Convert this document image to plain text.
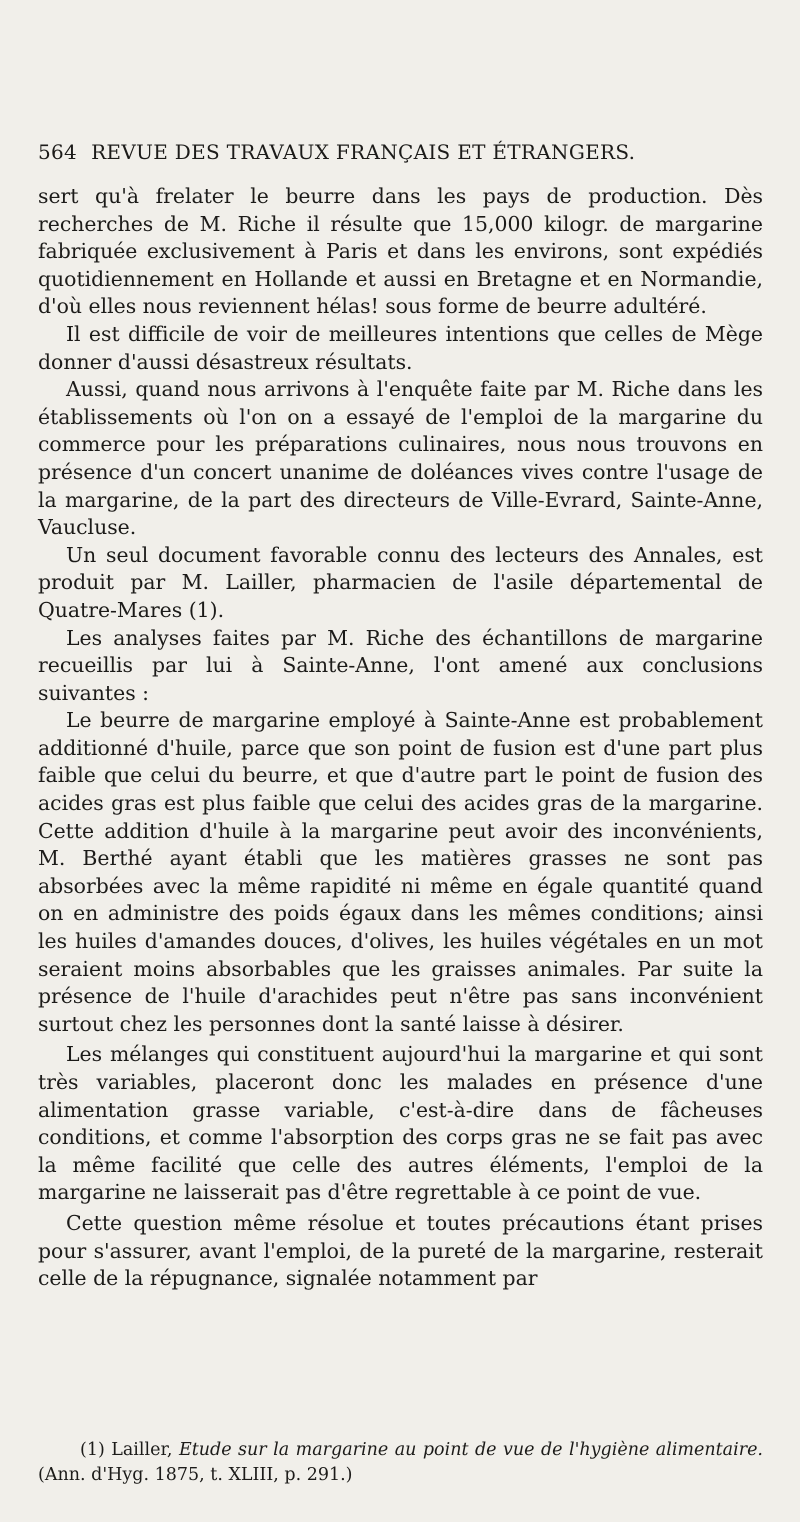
564 REVUE DES TRAVAUX FRANÇAIS ET ÉTRANGERS.

sert qu'à frelater le beurre dans les pays de production. Dès recherches de M. Riche il résulte que 15,000 kilogr. de margarine fabriquée exclusivement à Paris et dans les environs, sont expédiés quotidiennement en Hollande et aussi en Bretagne et en Normandie, d'où elles nous reviennent hélas! sous forme de beurre adultéré.

Il est difficile de voir de meilleures intentions que celles de Mège donner d'aussi désastreux résultats.

Aussi, quand nous arrivons à l'enquête faite par M. Riche dans les établissements où l'on on a essayé de l'emploi de la margarine du commerce pour les préparations culinaires, nous nous trouvons en présence d'un concert unanime de doléances vives contre l'usage de la margarine, de la part des directeurs de Ville-Evrard, Sainte-Anne, Vaucluse.

Un seul document favorable connu des lecteurs des Annales, est produit par M. Lailler, pharmacien de l'asile départemental de Quatre-Mares (1).

Les analyses faites par M. Riche des échantillons de margarine recueillis par lui à Sainte-Anne, l'ont amené aux conclusions suivantes :

Le beurre de margarine employé à Sainte-Anne est probablement additionné d'huile, parce que son point de fusion est d'une part plus faible que celui du beurre, et que d'autre part le point de fusion des acides gras est plus faible que celui des acides gras de la margarine. Cette addition d'huile à la margarine peut avoir des inconvénients, M. Berthé ayant établi que les matières grasses ne sont pas absorbées avec la même rapidité ni même en égale quantité quand on en administre des poids égaux dans les mêmes conditions; ainsi les huiles d'amandes douces, d'olives, les huiles végétales en un mot seraient moins absorbables que les graisses animales. Par suite la présence de l'huile d'arachides peut n'être pas sans inconvénient surtout chez les personnes dont la santé laisse à désirer.

Les mélanges qui constituent aujourd'hui la margarine et qui sont très variables, placeront donc les malades en présence d'une alimentation grasse variable, c'est-à-dire dans de fâcheuses conditions, et comme l'absorption des corps gras ne se fait pas avec la même facilité que celle des autres éléments, l'emploi de la margarine ne laisserait pas d'être regrettable à ce point de vue.

Cette question même résolue et toutes précautions étant prises pour s'assurer, avant l'emploi, de la pureté de la margarine, resterait celle de la répugnance, signalée notamment par

(1) Lailler, Etude sur la margarine au point de vue de l'hygiène alimentaire. (Ann. d'Hyg. 1875, t. XLIII, p. 291.)
